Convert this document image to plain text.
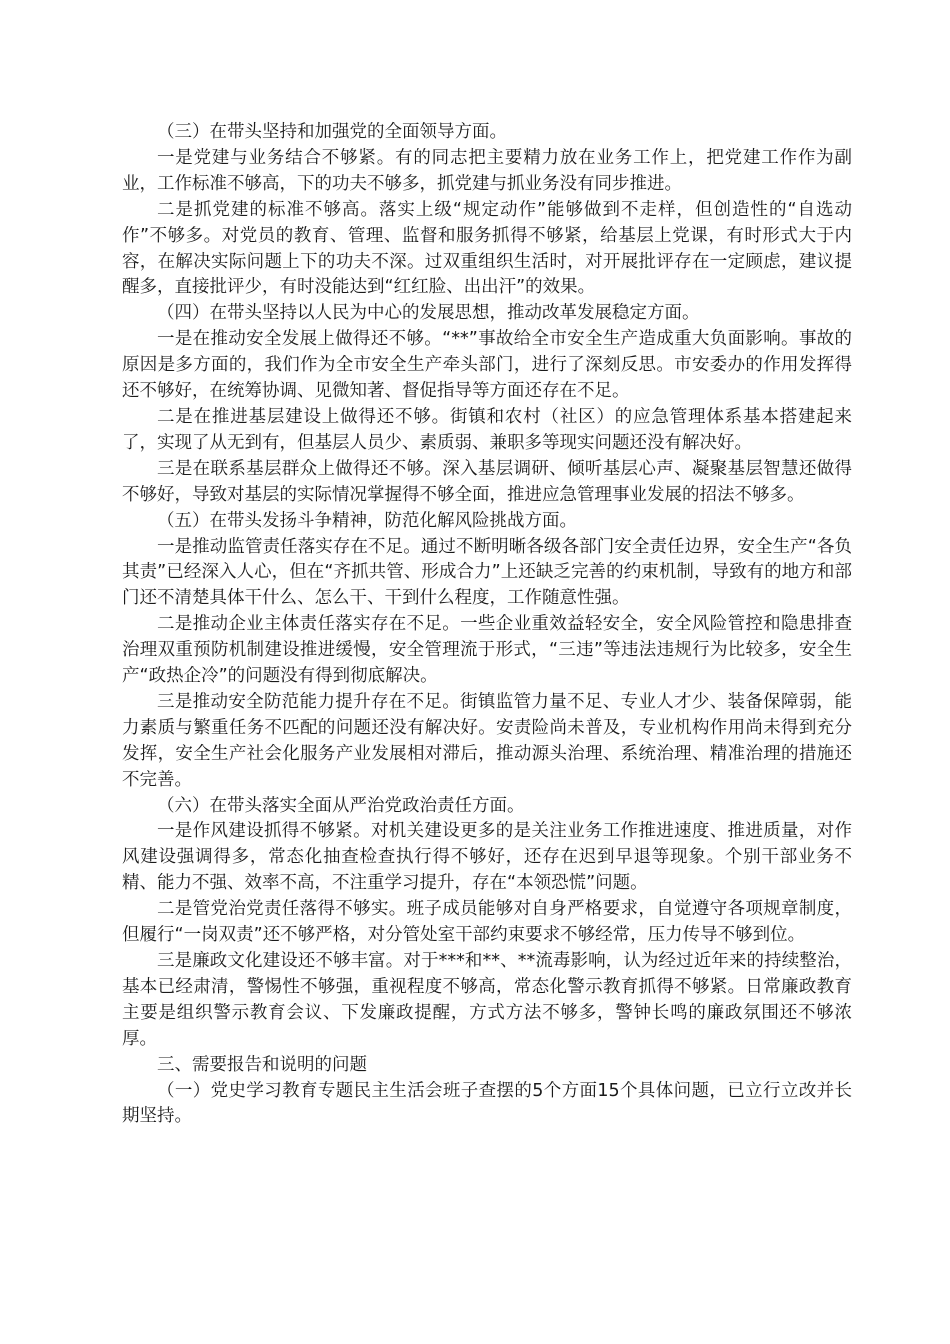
（三）在带头坚持和加强党的全面领导方面。

一是党建与业务结合不够紧。有的同志把主要精力放在业务工作上，把党建工作作为副业，工作标准不够高，下的功夫不够多，抓党建与抓业务没有同步推进。

二是抓党建的标准不够高。落实上级“规定动作”能够做到不走样，但创造性的“自选动作”不够多。对党员的教育、管理、监督和服务抓得不够紧，给基层上党课，有时形式大于内容，在解决实际问题上下的功夫不深。过双重组织生活时，对开展批评存在一定顾虑，建议提醒多，直接批评少，有时没能达到“红红脸、出出汗”的效果。

（四）在带头坚持以人民为中心的发展思想，推动改革发展稳定方面。

一是在推动安全发展上做得还不够。“**”事故给全市安全生产造成重大负面影响。事故的原因是多方面的，我们作为全市安全生产牵头部门，进行了深刻反思。市安委办的作用发挥得还不够好，在统筹协调、见微知著、督促指导等方面还存在不足。

二是在推进基层建设上做得还不够。街镇和农村（社区）的应急管理体系基本搭建起来了，实现了从无到有，但基层人员少、素质弱、兼职多等现实问题还没有解决好。

三是在联系基层群众上做得还不够。深入基层调研、倾听基层心声、凝聚基层智慧还做得不够好，导致对基层的实际情况掌握得不够全面，推进应急管理事业发展的招法不够多。

（五）在带头发扬斗争精神，防范化解风险挑战方面。

一是推动监管责任落实存在不足。通过不断明晰各级各部门安全责任边界，安全生产“各负其责”已经深入人心，但在“齐抓共管、形成合力”上还缺乏完善的约束机制，导致有的地方和部门还不清楚具体干什么、怎么干、干到什么程度，工作随意性强。

二是推动企业主体责任落实存在不足。一些企业重效益轻安全，安全风险管控和隐患排查治理双重预防机制建设推进缓慢，安全管理流于形式，“三违”等违法违规行为比较多，安全生产“政热企冷”的问题没有得到彻底解决。

三是推动安全防范能力提升存在不足。街镇监管力量不足、专业人才少、装备保障弱，能力素质与繁重任务不匹配的问题还没有解决好。安责险尚未普及，专业机构作用尚未得到充分发挥，安全生产社会化服务产业发展相对滞后，推动源头治理、系统治理、精准治理的措施还不完善。

（六）在带头落实全面从严治党政治责任方面。

一是作风建设抓得不够紧。对机关建设更多的是关注业务工作推进速度、推进质量，对作风建设强调得多，常态化抽查检查执行得不够好，还存在迟到早退等现象。个别干部业务不精、能力不强、效率不高，不注重学习提升，存在“本领恐慌”问题。

二是管党治党责任落得不够实。班子成员能够对自身严格要求，自觉遵守各项规章制度，但履行“一岗双责”还不够严格，对分管处室干部约束要求不够经常，压力传导不够到位。

三是廉政文化建设还不够丰富。对于***和**、**流毒影响，认为经过近年来的持续整治，基本已经肃清，警惕性不够强，重视程度不够高，常态化警示教育抓得不够紧。日常廉政教育主要是组织警示教育会议、下发廉政提醒，方式方法不够多，警钟长鸣的廉政氛围还不够浓厚。

三、需要报告和说明的问题

（一）党史学习教育专题民主生活会班子查摆的5个方面15个具体问题，已立行立改并长期坚持。
